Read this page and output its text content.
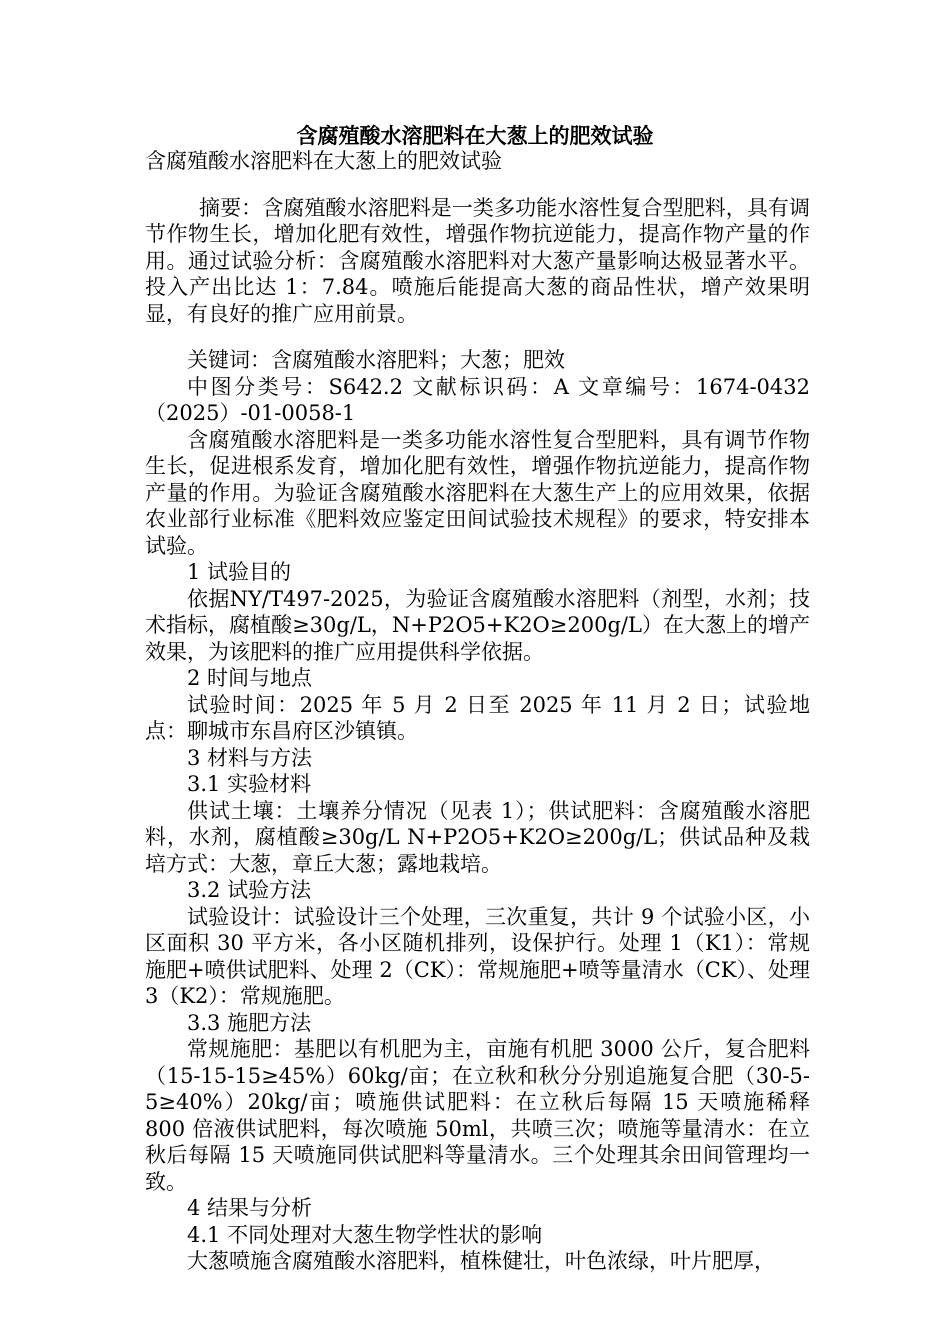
含腐殖酸水溶肥料在大葱上的肥效试验

含腐殖酸水溶肥料在大葱上的肥效试验

摘要：含腐殖酸水溶肥料是一类多功能水溶性复合型肥料，具有调节作物生长，增加化肥有效性，增强作物抗逆能力，提高作物产量的作用。通过试验分析：含腐殖酸水溶肥料对大葱产量影响达极显著水平。投入产出比达 1：7.84。喷施后能提高大葱的商品性状，增产效果明显，有良好的推广应用前景。

关键词：含腐殖酸水溶肥料；大葱；肥效

中图分类号：S642.2 文献标识码：A 文章编号：1674-0432（2025）-01-0058-1

含腐殖酸水溶肥料是一类多功能水溶性复合型肥料，具有调节作物生长，促进根系发育，增加化肥有效性，增强作物抗逆能力，提高作物产量的作用。为验证含腐殖酸水溶肥料在大葱生产上的应用效果，依据农业部行业标准《肥料效应鉴定田间试验技术规程》的要求，特安排本试验。

1 试验目的

依据NY/T497-2025，为验证含腐殖酸水溶肥料（剂型，水剂；技术指标，腐植酸≥30g/L，N+P2O5+K2O≥200g/L）在大葱上的增产效果，为该肥料的推广应用提供科学依据。

2 时间与地点

试验时间：2025 年 5 月 2 日至 2025 年 11 月 2 日；试验地点：聊城市东昌府区沙镇镇。

3 材料与方法

3.1 实验材料

供试土壤：土壤养分情况（见表 1）；供试肥料：含腐殖酸水溶肥料，水剂，腐植酸≥30g/L N+P2O5+K2O≥200g/L；供试品种及栽培方式：大葱，章丘大葱；露地栽培。

3.2 试验方法

试验设计：试验设计三个处理，三次重复，共计 9 个试验小区，小区面积 30 平方米，各小区随机排列，设保护行。处理 1（K1）：常规施肥+喷供试肥料、处理 2（CK）：常规施肥+喷等量清水（CK）、处理 3（K2）：常规施肥。

3.3 施肥方法

常规施肥：基肥以有机肥为主，亩施有机肥 3000 公斤，复合肥料（15-15-15≥45%）60kg/亩；在立秋和秋分分别追施复合肥（30-5-5≥40%）20kg/亩；喷施供试肥料：在立秋后每隔 15 天喷施稀释 800 倍液供试肥料，每次喷施 50ml，共喷三次；喷施等量清水：在立秋后每隔 15 天喷施同供试肥料等量清水。三个处理其余田间管理均一致。

4 结果与分析

4.1 不同处理对大葱生物学性状的影响

大葱喷施含腐殖酸水溶肥料，植株健壮，叶色浓绿，叶片肥厚，
